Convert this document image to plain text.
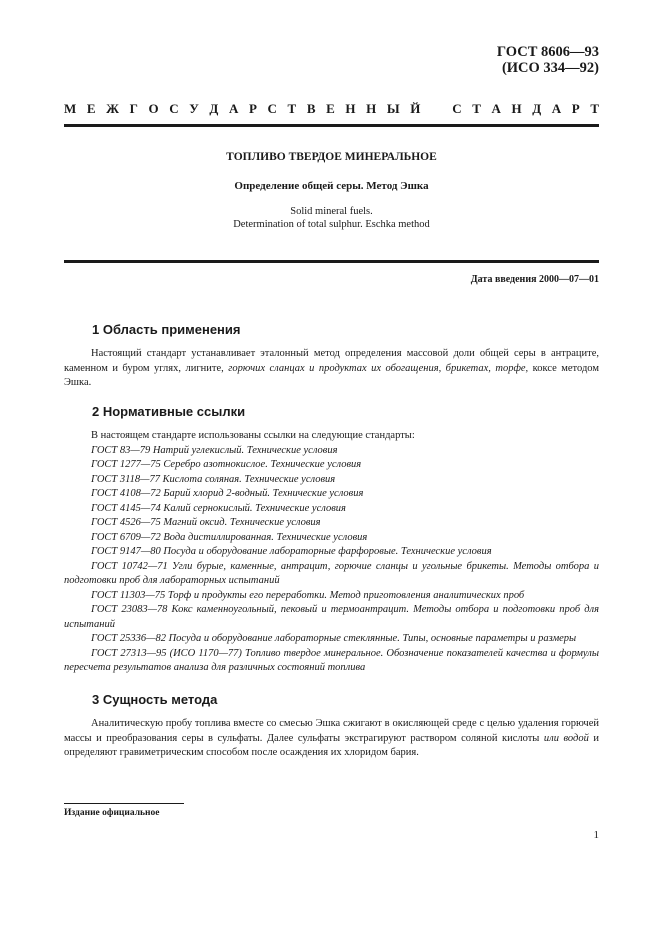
ГОСТ 8606—93
(ИСО 334—92)
М Е Ж Г О С У Д А Р С Т В Е Н Н Ы Й С Т А Н Д А Р Т
ТОПЛИВО ТВЕРДОЕ МИНЕРАЛЬНОЕ
Определение общей серы. Метод Эшка
Solid mineral fuels.
Determination of total sulphur. Eschka method
Дата введения 2000—07—01
1 Область применения
Настоящий стандарт устанавливает эталонный метод определения массовой доли общей серы в антраците, каменном и буром углях, лигните, горючих сланцах и продуктах их обогащения, брикетах, торфе, коксе методом Эшка.
2 Нормативные ссылки
В настоящем стандарте использованы ссылки на следующие стандарты:
ГОСТ 83—79 Натрий углекислый. Технические условия
ГОСТ 1277—75 Серебро азотнокислое. Технические условия
ГОСТ 3118—77 Кислота соляная. Технические условия
ГОСТ 4108—72 Барий хлорид 2-водный. Технические условия
ГОСТ 4145—74 Калий сернокислый. Технические условия
ГОСТ 4526—75 Магний оксид. Технические условия
ГОСТ 6709—72 Вода дистиллированная. Технические условия
ГОСТ 9147—80 Посуда и оборудование лабораторные фарфоровые. Технические условия
ГОСТ 10742—71 Угли бурые, каменные, антрацит, горючие сланцы и угольные брикеты. Методы отбора и подготовки проб для лабораторных испытаний
ГОСТ 11303—75 Торф и продукты его переработки. Метод приготовления аналитических проб
ГОСТ 23083—78 Кокс каменноугольный, пековый и термоантрацит. Методы отбора и подготовки проб для испытаний
ГОСТ 25336—82 Посуда и оборудование лабораторные стеклянные. Типы, основные параметры и размеры
ГОСТ 27313—95 (ИСО 1170—77) Топливо твердое минеральное. Обозначение показателей качества и формулы пересчета результатов анализа для различных состояний топлива
3 Сущность метода
Аналитическую пробу топлива вместе со смесью Эшка сжигают в окисляющей среде с целью удаления горючей массы и преобразования серы в сульфаты. Далее сульфаты экстрагируют раствором соляной кислоты или водой и определяют гравиметрическим способом после осаждения их хлоридом бария.
Издание официальное
1
